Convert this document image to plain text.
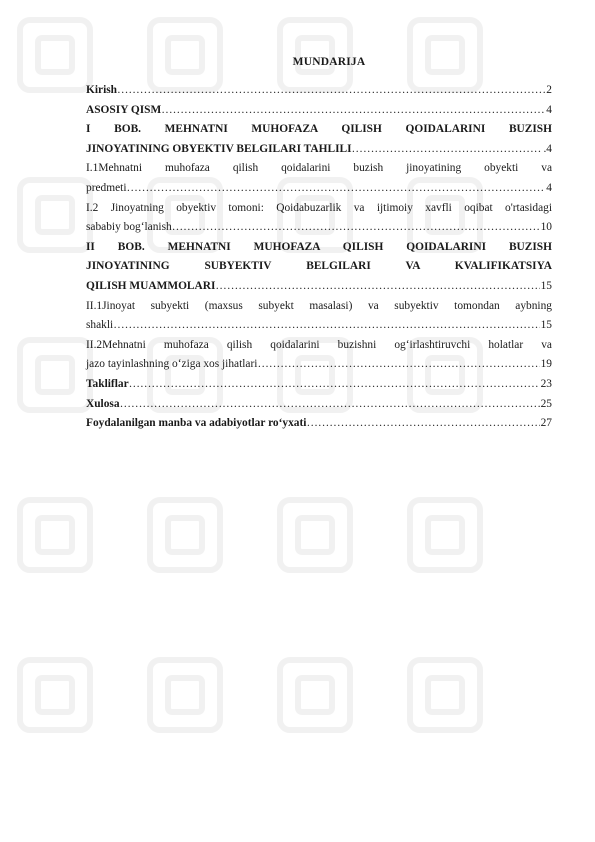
MUNDARIJA
Kirish …………………………………………………………………………………………………………………………………………………………………………………………………………	2
ASOSIY QISM …………………………………………………………………………………………………………………………………………………………………………………………………………	4
I BOB. MEHNATNI MUHOFAZA QILISH QOIDALARINI BUZISH
JINOYATINING OBYEKTIV BELGILARI TAHLILI …………………………………………………………………………………………………………………………………………………………………………………………………………	.4
I.1Mehnatni muhofaza qilish qoidalarini buzish jinoyatining obyekti va
predmeti …………………………………………………………………………………………………………………………………………………………………………………………………………	4
I.2 Jinoyatning obyektiv tomoni: Qoidabuzarlik va ijtimoiy xavfli oqibat o'rtasidagi
sababiy bog‘lanish …………………………………………………………………………………………………………………………………………………………………………………………………………	10
II BOB. MEHNATNI MUHOFAZA QILISH QOIDALARINI BUZISH
JINOYATINING SUBYEKTIV BELGILARI VA KVALIFIKATSIYA
QILISH MUAMMOLARI …………………………………………………………………………………………………………………………………………………………………………………………………………	15
II.1Jinoyat subyekti (maxsus subyekt masalasi) va subyektiv tomondan aybning
shakli …………………………………………………………………………………………………………………………………………………………………………………………………………	15
II.2Mehnatni muhofaza qilish qoidalarini buzishni og‘irlashtiruvchi holatlar va
jazo tayinlashning o‘ziga xos jihatlari …………………………………………………………………………………………………………………………………………………………………………………………………………	19
Takliflar …………………………………………………………………………………………………………………………………………………………………………………………………………	23
Xulosa …………………………………………………………………………………………………………………………………………………………………………………………………………	25
Foydalanilgan manba va adabiyotlar ro‘yxati …………………………………………………………………………………………………………………………………………………………………………………………………………	27
